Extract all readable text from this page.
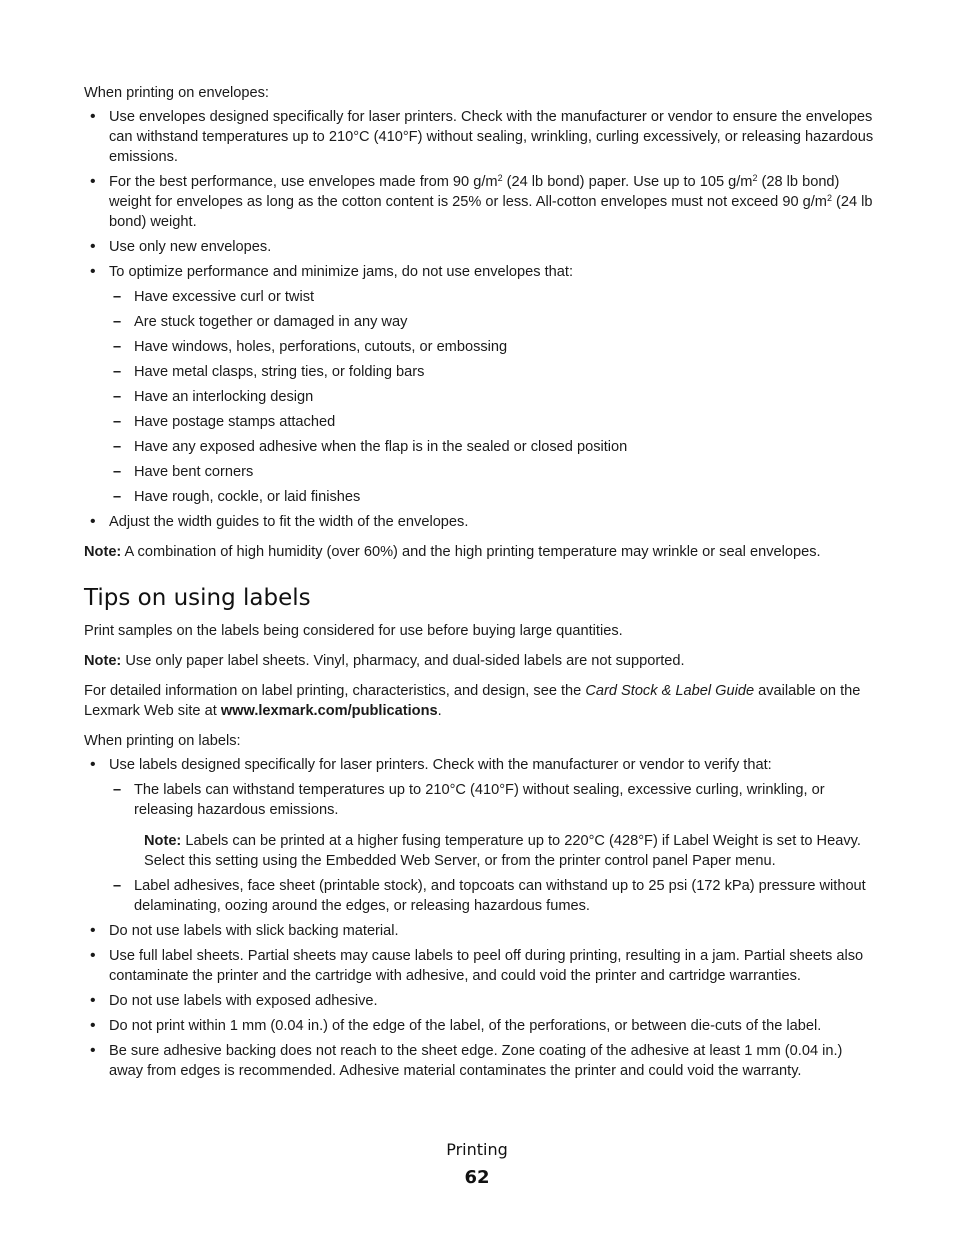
When printing on envelopes:

• Use envelopes designed specifically for laser printers. Check with the manufacturer or vendor to ensure the envelopes can withstand temperatures up to 210°C (410°F) without sealing, wrinkling, curling excessively, or releasing hazardous emissions.
• For the best performance, use envelopes made from 90 $g/m^2$ (24 lb bond) paper. Use up to 105 $g/m^2$ (28 lb bond) weight for envelopes as long as the cotton content is 25% or less. All-cotton envelopes must not exceed 90 $g/m^2$ (24 lb bond) weight.
• Use only new envelopes.
• To optimize performance and minimize jams, do not use envelopes that:
– Have excessive curl or twist
– Are stuck together or damaged in any way
– Have windows, holes, perforations, cutouts, or embossing
– Have metal clasps, string ties, or folding bars
– Have an interlocking design
– Have postage stamps attached
– Have any exposed adhesive when the flap is in the sealed or closed position
– Have bent corners
– Have rough, cockle, or laid finishes
• Adjust the width guides to fit the width of the envelopes.

Note: A combination of high humidity (over 60%) and the high printing temperature may wrinkle or seal envelopes.

Tips on using labels

Print samples on the labels being considered for use before buying large quantities.

Note: Use only paper label sheets. Vinyl, pharmacy, and dual-sided labels are not supported.

For detailed information on label printing, characteristics, and design, see the Card Stock & Label Guide available on the Lexmark Web site at www.lexmark.com/publications.

When printing on labels:

• Use labels designed specifically for laser printers. Check with the manufacturer or vendor to verify that:
– The labels can withstand temperatures up to 210°C (410°F) without sealing, excessive curling, wrinkling, or releasing hazardous emissions.

Note: Labels can be printed at a higher fusing temperature up to 220°C (428°F) if Label Weight is set to Heavy. Select this setting using the Embedded Web Server, or from the printer control panel Paper menu.

– Label adhesives, face sheet (printable stock), and topcoats can withstand up to 25 psi (172 kPa) pressure without delaminating, oozing around the edges, or releasing hazardous fumes.
• Do not use labels with slick backing material.
• Use full label sheets. Partial sheets may cause labels to peel off during printing, resulting in a jam. Partial sheets also contaminate the printer and the cartridge with adhesive, and could void the printer and cartridge warranties.
• Do not use labels with exposed adhesive.
• Do not print within 1 mm (0.04 in.) of the edge of the label, of the perforations, or between die-cuts of the label.
• Be sure adhesive backing does not reach to the sheet edge. Zone coating of the adhesive at least 1 mm (0.04 in.) away from edges is recommended. Adhesive material contaminates the printer and could void the warranty.
Printing
62
